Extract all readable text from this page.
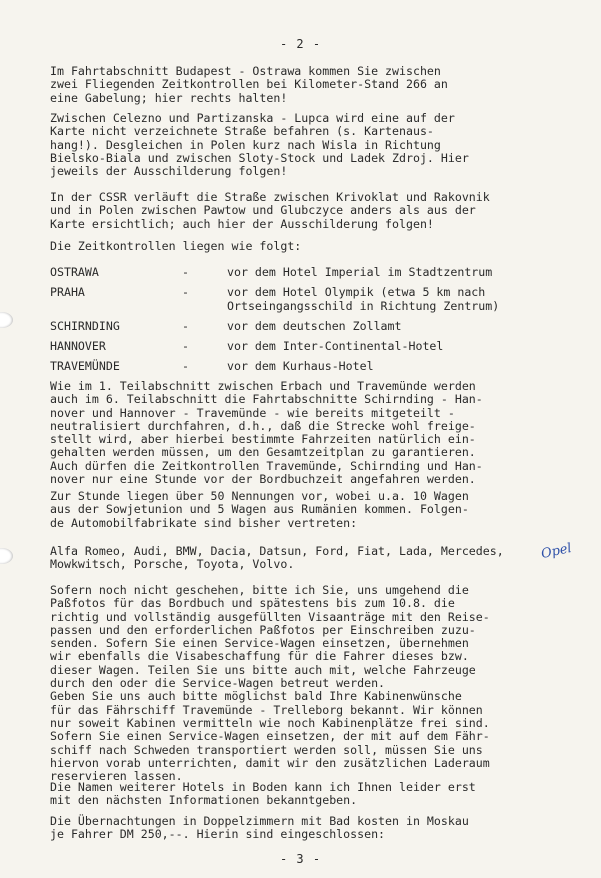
- 2 -
Im Fahrtabschnitt Budapest - Ostrawa kommen Sie zwischen
zwei Fliegenden Zeitkontrollen bei Kilometer-Stand 266 an
eine Gabelung; hier rechts halten!
Zwischen Celezno und Partizanska - Lupca wird eine auf der
Karte nicht verzeichnete Straße befahren (s. Kartenaus-
hang!). Desgleichen in Polen kurz nach Wisla in Richtung
Bielsko-Biala und zwischen Sloty-Stock und Ladek Zdroj. Hier
jeweils der Ausschilderung folgen!
In der CSSR verläuft die Straße zwischen Krivoklat und Rakovnik
und in Polen zwischen Pawtow und Glubczyce anders als aus der
Karte ersichtlich; auch hier der Ausschilderung folgen!
Die Zeitkontrollen liegen wie folgt:
OSTRAWA	-	vor dem Hotel Imperial im Stadtzentrum
PRAHA	-	vor dem Hotel Olympik (etwa 5 km nach
Ortseingangsschild in Richtung Zentrum)
SCHIRNDING	-	vor dem deutschen Zollamt
HANNOVER	-	vor dem Inter-Continental-Hotel
TRAVEMÜNDE	-	vor dem Kurhaus-Hotel
Wie im 1. Teilabschnitt zwischen Erbach und Travemünde werden
auch im 6. Teilabschnitt die Fahrtabschnitte Schirnding - Han-
nover und Hannover - Travemünde - wie bereits mitgeteilt -
neutralisiert durchfahren, d.h., daß die Strecke wohl freige-
stellt wird, aber hierbei bestimmte Fahrzeiten natürlich ein-
gehalten werden müssen, um den Gesamtzeitplan zu garantieren.
Auch dürfen die Zeitkontrollen Travemünde, Schirnding und Han-
nover nur eine Stunde vor der Bordbuchzeit angefahren werden.
Zur Stunde liegen über 50 Nennungen vor, wobei u.a. 10 Wagen
aus der Sowjetunion und 5 Wagen aus Rumänien kommen. Folgen-
de Automobilfabrikate sind bisher vertreten:
Alfa Romeo, Audi, BMW, Dacia, Datsun, Ford, Fiat, Lada, Mercedes,
Mowkwitsch, Porsche, Toyota, Volvo.
Opel
Sofern noch nicht geschehen, bitte ich Sie, uns umgehend die
Paßfotos für das Bordbuch und spätestens bis zum 10.8. die
richtig und vollständig ausgefüllten Visaanträge mit den Reise-
passen und den erforderlichen Paßfotos per Einschreiben zuzu-
senden. Sofern Sie einen Service-Wagen einsetzen, übernehmen
wir ebenfalls die Visabeschaffung für die Fahrer dieses bzw.
dieser Wagen. Teilen Sie uns bitte auch mit, welche Fahrzeuge
durch den oder die Service-Wagen betreut werden.
Geben Sie uns auch bitte möglichst bald Ihre Kabinenwünsche
für das Fährschiff Travemünde - Trelleborg bekannt. Wir können
nur soweit Kabinen vermitteln wie noch Kabinenplätze frei sind.
Sofern Sie einen Service-Wagen einsetzen, der mit auf dem Fähr-
schiff nach Schweden transportiert werden soll, müssen Sie uns
hiervon vorab unterrichten, damit wir den zusätzlichen Laderaum
reservieren lassen.
Die Namen weiterer Hotels in Boden kann ich Ihnen leider erst
mit den nächsten Informationen bekanntgeben.
Die Übernachtungen in Doppelzimmern mit Bad kosten in Moskau
je Fahrer DM 250,--. Hierin sind eingeschlossen:
- 3 -
